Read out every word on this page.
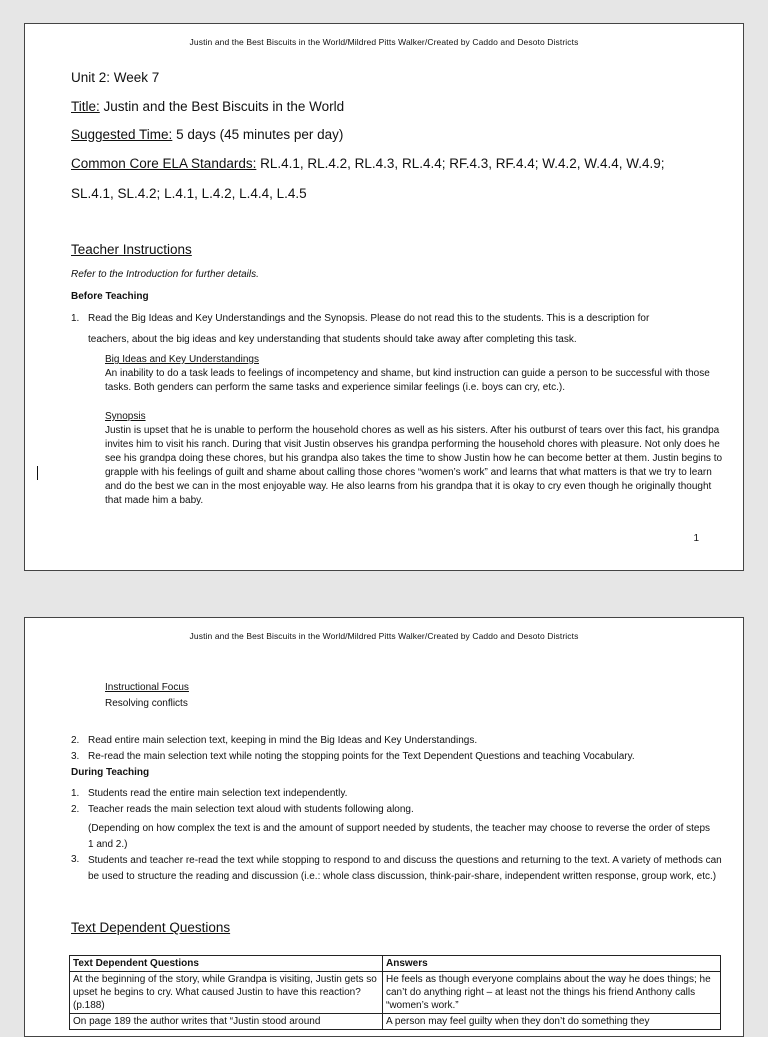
Justin and the Best Biscuits in the World/Mildred Pitts Walker/Created by Caddo and Desoto Districts
Unit 2: Week 7
Title: Justin and the Best Biscuits in the World
Suggested Time: 5 days (45 minutes per day)
Common Core ELA Standards: RL.4.1, RL.4.2, RL.4.3, RL.4.4; RF.4.3, RF.4.4; W.4.2, W.4.4, W.4.9;
SL.4.1, SL.4.2; L.4.1, L.4.2, L.4.4, L.4.5
Teacher Instructions
Refer to the Introduction for further details.
Before Teaching
1. Read the Big Ideas and Key Understandings and the Synopsis. Please do not read this to the students. This is a description for
teachers, about the big ideas and key understanding that students should take away after completing this task.
Big Ideas and Key Understandings
An inability to do a task leads to feelings of incompetency and shame, but kind instruction can guide a person to be successful with those tasks. Both genders can perform the same tasks and experience similar feelings (i.e. boys can cry, etc.).
Synopsis
Justin is upset that he is unable to perform the household chores as well as his sisters. After his outburst of tears over this fact, his grandpa invites him to visit his ranch. During that visit Justin observes his grandpa performing the household chores with pleasure. Not only does he see his grandpa doing these chores, but his grandpa also takes the time to show Justin how he can become better at them. Justin begins to grapple with his feelings of guilt and shame about calling those chores “women’s work” and learns that what matters is that we try to learn and do the best we can in the most enjoyable way. He also learns from his grandpa that it is okay to cry even though he originally thought that made him a baby.
1
Justin and the Best Biscuits in the World/Mildred Pitts Walker/Created by Caddo and Desoto Districts
Instructional Focus
Resolving conflicts
2. Read entire main selection text, keeping in mind the Big Ideas and Key Understandings.
3. Re-read the main selection text while noting the stopping points for the Text Dependent Questions and teaching Vocabulary.
During Teaching
1. Students read the entire main selection text independently.
2. Teacher reads the main selection text aloud with students following along.
(Depending on how complex the text is and the amount of support needed by students, the teacher may choose to reverse the order of steps 1 and 2.)
3. Students and teacher re-read the text while stopping to respond to and discuss the questions and returning to the text. A variety of methods can be used to structure the reading and discussion (i.e.: whole class discussion, think-pair-share, independent written response, group work, etc.)
Text Dependent Questions
Text Dependent Questions	Answers
At the beginning of the story, while Grandpa is visiting, Justin gets so upset he begins to cry. What caused Justin to have this reaction? (p.188)	He feels as though everyone complains about the way he does things; he can’t do anything right – at least not the things his friend Anthony calls “women’s work.”
On page 189 the author writes that “Justin stood around	A person may feel guilty when they don’t do something they
